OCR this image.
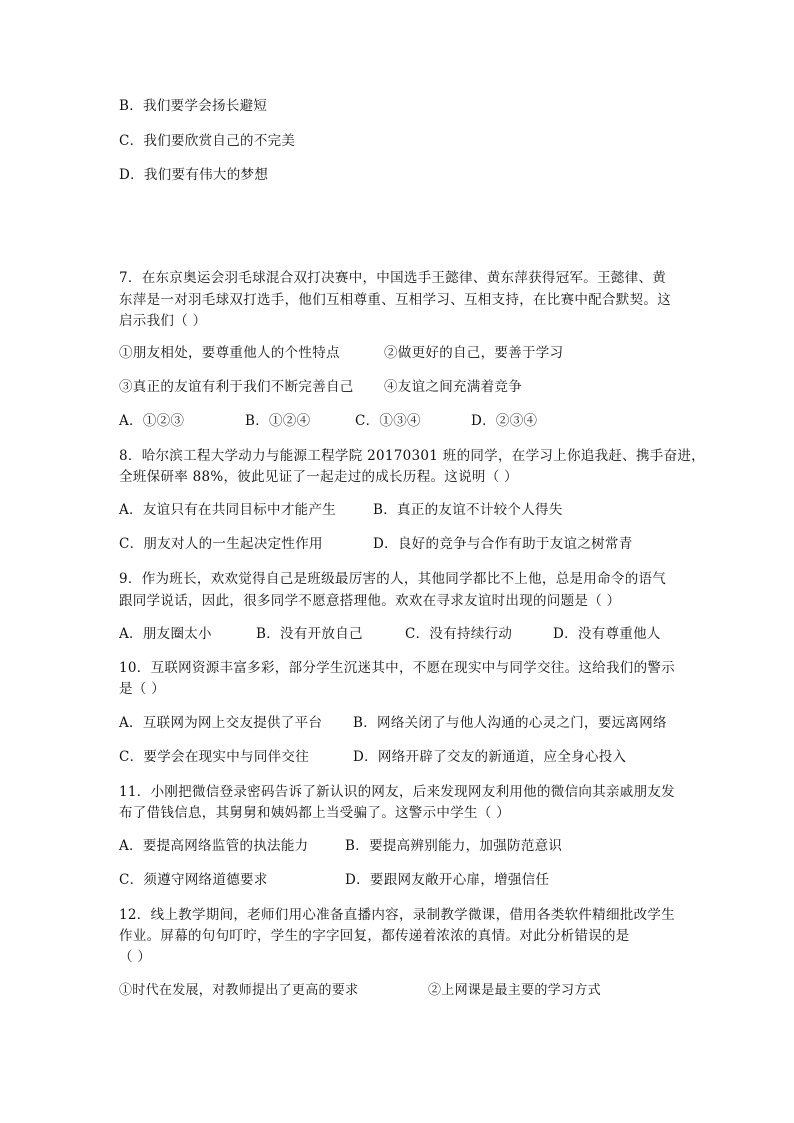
B．我们要学会扬长避短
C．我们要欣赏自己的不完美
D．我们要有伟大的梦想
7．在东京奥运会羽毛球混合双打决赛中，中国选手王懿律、黄东萍获得冠军。王懿律、黄
东萍是一对羽毛球双打选手，他们互相尊重、互相学习、互相支持，在比赛中配合默契。这
启示我们（ ）
①朋友相处，要尊重他人的个性特点	②做更好的自己，要善于学习
③真正的友谊有利于我们不断完善自己 ④友谊之间充满着竞争
A．①②③	B．①②④	C．①③④	D．②③④
8．哈尔滨工程大学动力与能源工程学院 20170301 班的同学，在学习上你追我赶、携手奋进，
全班保研率 88%，彼此见证了一起走过的成长历程。这说明（ ）
A．友谊只有在共同目标中才能产生	B．真正的友谊不计较个人得失
C．朋友对人的一生起决定性作用	D．良好的竞争与合作有助于友谊之树常青
9．作为班长，欢欢觉得自己是班级最厉害的人，其他同学都比不上他，总是用命令的语气
跟同学说话，因此，很多同学不愿意搭理他。欢欢在寻求友谊时出现的问题是（ ）
A．朋友圈太小	B．没有开放自己	C．没有持续行动	D．没有尊重他人
10．互联网资源丰富多彩，部分学生沉迷其中，不愿在现实中与同学交往。这给我们的警示
是（ ）
A．互联网为网上交友提供了平台 B．网络关闭了与他人沟通的心灵之门，要远离网络
C．要学会在现实中与同伴交往	D．网络开辟了交友的新通道，应全身心投入
11．小刚把微信登录密码告诉了新认识的网友，后来发现网友利用他的微信向其亲戚朋友发
布了借钱信息，其舅舅和姨妈都上当受骗了。这警示中学生（ ）
A．要提高网络监管的执法能力	B．要提高辨别能力，加强防范意识
C．须遵守网络道德要求	D．要跟网友敞开心扉，增强信任
12．线上教学期间，老师们用心准备直播内容，录制教学微课，借用各类软件精细批改学生
作业。屏幕的句句叮咛，学生的字字回复，都传递着浓浓的真情。对此分析错误的是
（ ）
①时代在发展，对教师提出了更高的要求	②上网课是最主要的学习方式
